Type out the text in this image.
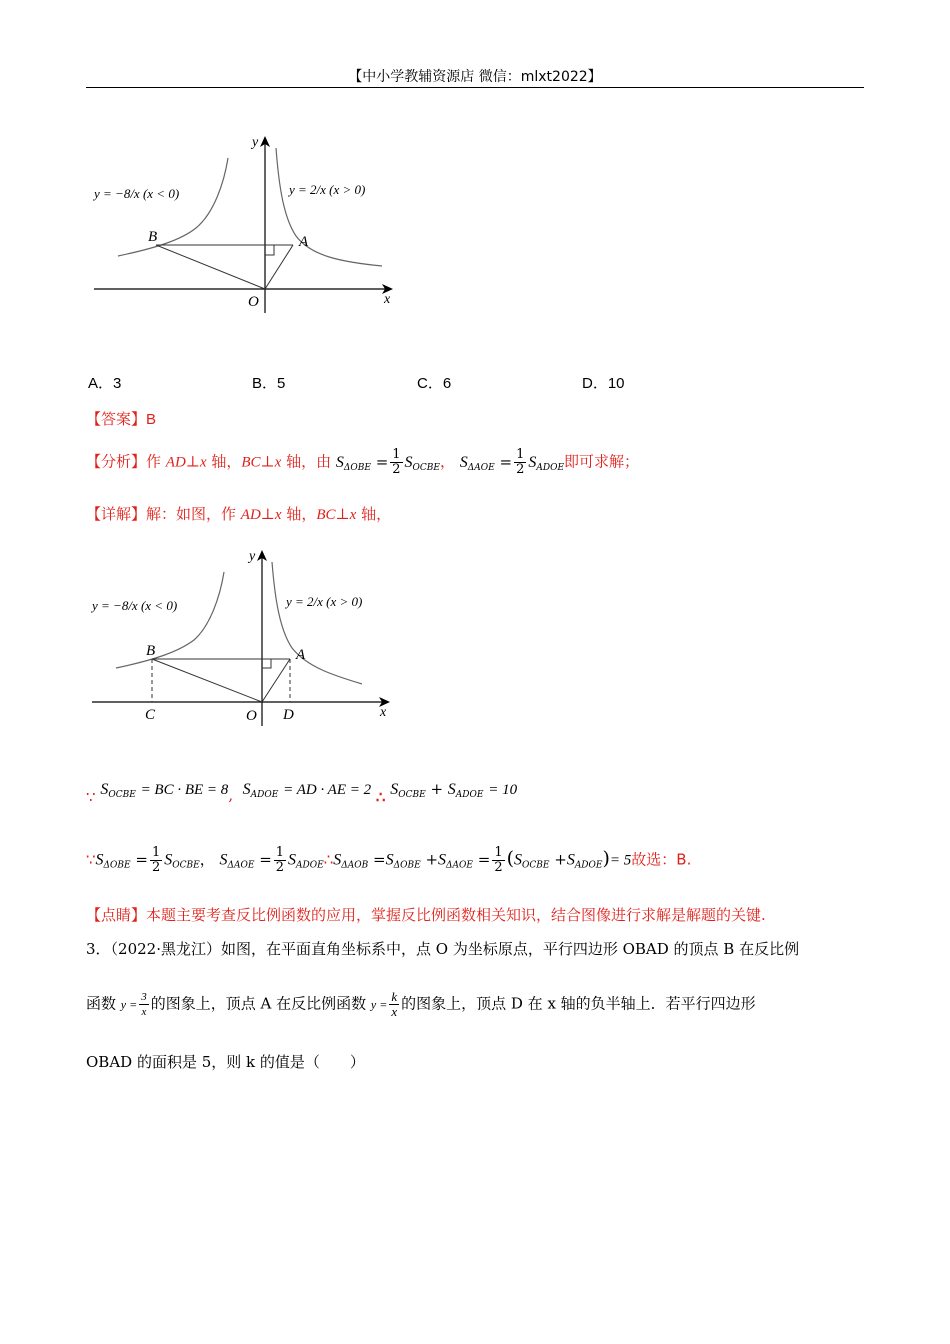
【中小学教辅资源店 微信：mlxt2022】
y
x
B	A
O
y = −8/x (x < 0)	y = 2/x (x > 0)
A．3	B．5	C．6	D．10
【答案】B
【分析】作 AD⊥x 轴，BC⊥x 轴，由 $S_{\Delta OBE} = \frac{1}{2} S_{OCBE}$， $S_{\Delta AOE} = \frac{1}{2} S_{ADOE}$即可求解；
【详解】解：如图，作 AD⊥x 轴，BC⊥x 轴，
y
x
B	A
O
C	D
y = −8/x (x < 0)	y = 2/x (x > 0)
∵ $S_{OCBE}$ = BC · BE = 8, $S_{ADOE}$ = AD · AE = 2 ∴ $S_{OCBE} + S_{ADOE} = 10$
$\because S_{\Delta OBE} = \frac{1}{2} S_{OCBE}$， $S_{\Delta AOE} = \frac{1}{2}$ $S_{ADOE}\therefore S_{\Delta AOB} =S_{\Delta OBE} +S_{\Delta AOE} = \frac{1}{2} (S_{OCBE} +S_{ADOE})= 5$故选：B.
【点睛】本题主要考查反比例函数的应用，掌握反比例函数相关知识，结合图像进行求解是解题的关键.
3．（2022·黑龙江）如图，在平面直角坐标系中，点 O 为坐标原点，平行四边形 OBAD 的顶点 B 在反比例
函数 $y = \frac{3}{x}$ 的图象上，顶点 A 在反比例函数 $y = \frac{k}{x}$ 的图象上，顶点 D 在 x 轴的负半轴上．若平行四边形
OBAD 的面积是 5，则 k 的值是（　　）
